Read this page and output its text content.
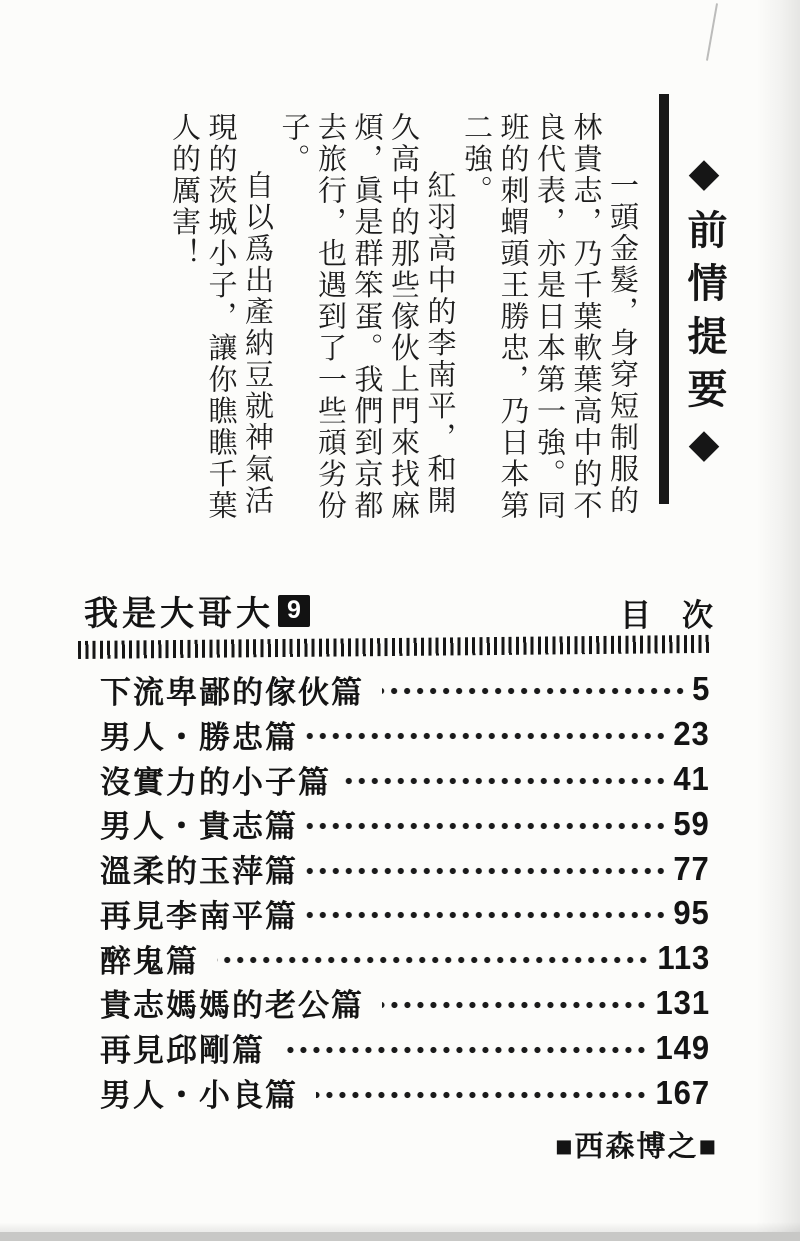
◆前情提要◆

一頭金髮，身穿短制服的林貴志，乃千葉軟葉高中的不良代表，亦是日本第一強。同班的刺蝟頭王勝忠，乃日本第二強。

紅羽高中的李南平，和開久高中的那些傢伙上門來找麻煩，眞是群笨蛋。我們到京都去旅行，也遇到了一些頑劣份子。

自以爲出產納豆就神氣活現的茨城小子，讓你瞧瞧千葉人的厲害！

我是大哥大 9	目　次
下流卑鄙的傢伙篇	5
男人・勝忠篇	23
沒實力的小子篇	41
男人・貴志篇	59
溫柔的玉萍篇	77
再見李南平篇	95
醉鬼篇	113
貴志媽媽的老公篇	131
再見邱剛篇	149
男人・小良篇	167
■西森博之■
